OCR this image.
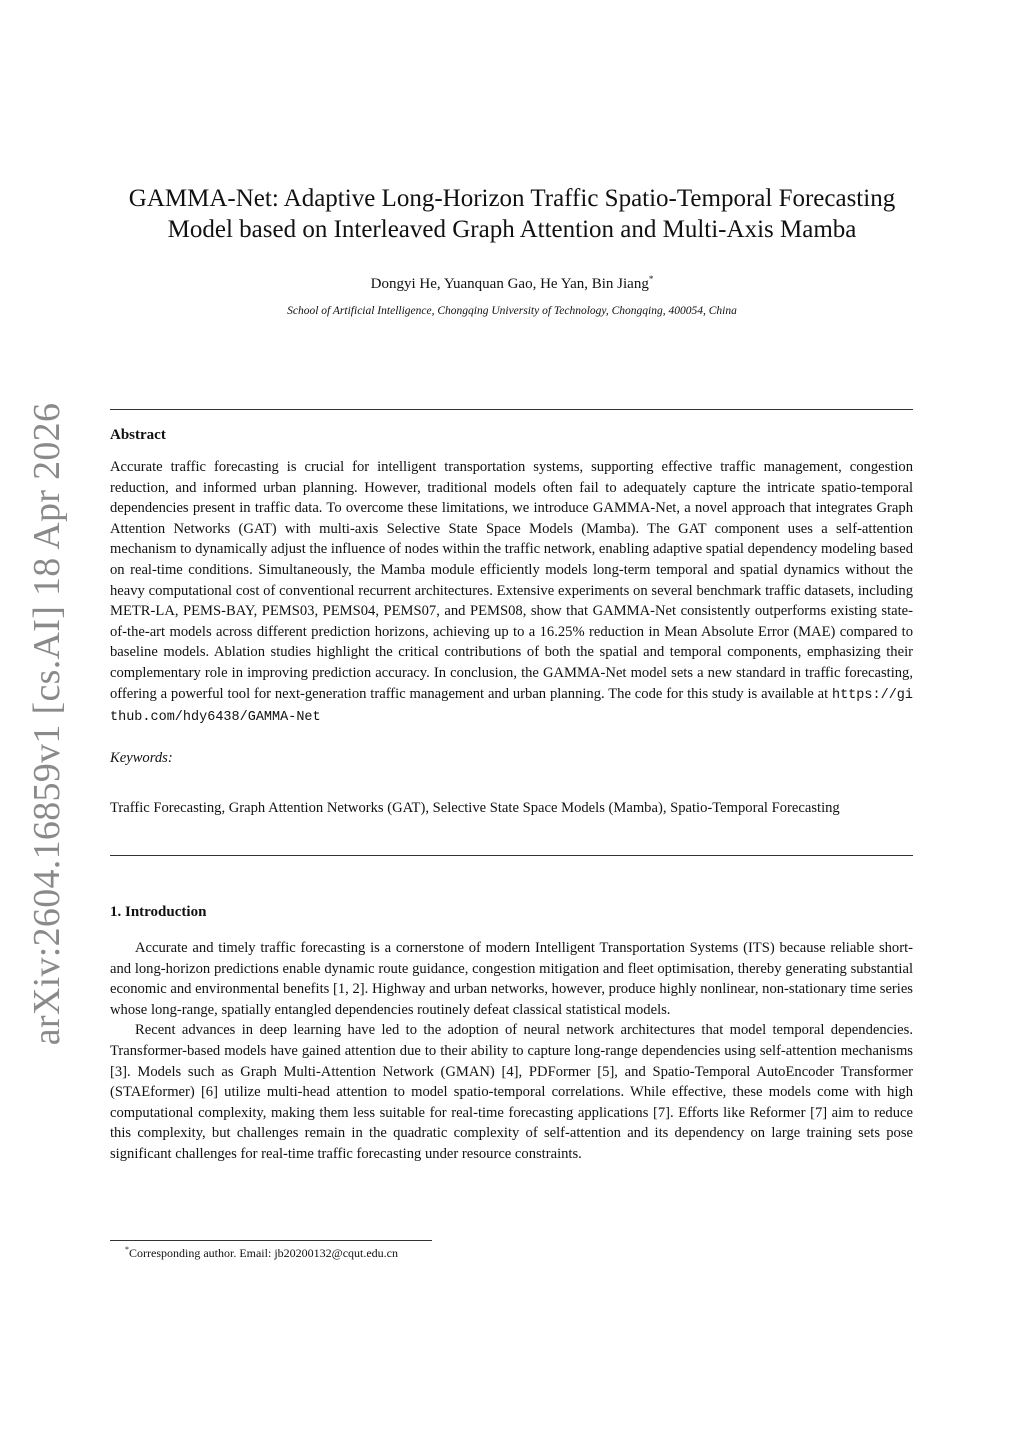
arXiv:2604.16859v1 [cs.AI] 18 Apr 2026
GAMMA-Net: Adaptive Long-Horizon Traffic Spatio-Temporal Forecasting
Model based on Interleaved Graph Attention and Multi-Axis Mamba
Dongyi He, Yuanquan Gao, He Yan, Bin Jiang*
School of Artificial Intelligence, Chongqing University of Technology, Chongqing, 400054, China
Abstract
Accurate traffic forecasting is crucial for intelligent transportation systems, supporting effective traffic management, congestion reduction, and informed urban planning. However, traditional models often fail to adequately capture the intricate spatio-temporal dependencies present in traffic data. To overcome these limitations, we introduce GAMMA-Net, a novel approach that integrates Graph Attention Networks (GAT) with multi-axis Selective State Space Models (Mamba). The GAT component uses a self-attention mechanism to dynamically adjust the influence of nodes within the traffic network, enabling adaptive spatial dependency modeling based on real-time conditions. Simultaneously, the Mamba module efficiently models long-term temporal and spatial dynamics without the heavy computational cost of conventional recurrent architectures. Extensive experiments on several benchmark traffic datasets, including METR-LA, PEMS-BAY, PEMS03, PEMS04, PEMS07, and PEMS08, show that GAMMA-Net consistently outperforms existing state-of-the-art models across different prediction horizons, achieving up to a 16.25% reduction in Mean Absolute Error (MAE) compared to baseline models. Ablation studies highlight the critical contributions of both the spatial and temporal components, emphasizing their complementary role in improving prediction accuracy. In conclusion, the GAMMA-Net model sets a new standard in traffic forecasting, offering a powerful tool for next-generation traffic management and urban planning. The code for this study is available at https://github.com/hdy6438/GAMMA-Net
Keywords:
Traffic Forecasting, Graph Attention Networks (GAT), Selective State Space Models (Mamba), Spatio-Temporal Forecasting
1. Introduction

Accurate and timely traffic forecasting is a cornerstone of modern Intelligent Transportation Systems (ITS) because reliable short- and long-horizon predictions enable dynamic route guidance, congestion mitigation and fleet optimisation, thereby generating substantial economic and environmental benefits [1, 2]. Highway and urban networks, however, produce highly nonlinear, non-stationary time series whose long-range, spatially entangled dependencies routinely defeat classical statistical models.

Recent advances in deep learning have led to the adoption of neural network architectures that model temporal dependencies. Transformer-based models have gained attention due to their ability to capture long-range dependencies using self-attention mechanisms [3]. Models such as Graph Multi-Attention Network (GMAN) [4], PDFormer [5], and Spatio-Temporal AutoEncoder Transformer (STAEformer) [6] utilize multi-head attention to model spatio-temporal correlations. While effective, these models come with high computational complexity, making them less suitable for real-time forecasting applications [7]. Efforts like Reformer [7] aim to reduce this complexity, but challenges remain in the quadratic complexity of self-attention and its dependency on large training sets pose significant challenges for real-time traffic forecasting under resource constraints.

*Corresponding author. Email: jb20200132@cqut.edu.cn
